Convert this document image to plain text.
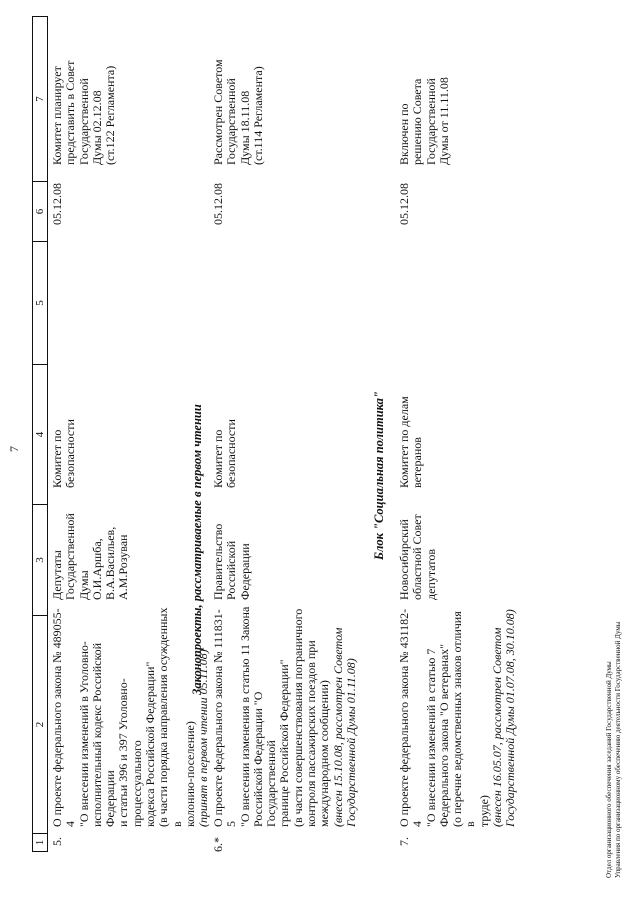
7
1
2
3
4
5
6
7
5.
О проекте федерального закона № 489055-4
"О внесении изменений в Уголовно-
исполнительный кодекс Российской Федерации
и статьи 396 и 397 Уголовно-процессуального
кодекса Российской Федерации"
(в части порядка направления осужденных в
колонию-поселение) (принят в первом чтении 05.11.08)
Депутаты
Государственной
Думы
О.И.Аршба,
В.А.Васильев,
А.М.Розуван
Комитет по
безопасности
05.12.08
Комитет планирует
представить в Совет
Государственной
Думы 02.12.08
(ст.122 Регламента)
Законопроекты, рассматриваемые в первом чтении
6.*
О проекте федерального закона № 111831-5
"О внесении изменения в статью 11 Закона
Российской Федерации "О Государственной
границе Российской Федерации"
(в части совершенствования пограничного
контроля пассажирских поездов при
международном сообщении)
(внесен 15.10.08, рассмотрен Советом
Государственной Думы 01.11.08)
Правительство
Российской
Федерации
Комитет по
безопасности
05.12.08
Рассмотрен Советом
Государственной
Думы 18.11.08
(ст.114 Регламента)
Блок "Социальная политика"
7.
О проекте федерального закона № 431182-4
"О внесении изменений в статью 7
Федерального закона "О ветеранах"
(о перечне ведомственных знаков отличия в
труде) (внесен 16.05.07, рассмотрен Советом
Государственной Думы 01.07.08, 30.10.08)
Новосибирский
областной Совет
депутатов
Комитет по делам
ветеранов
05.12.08
Включен по
решению Совета
Государственной
Думы от 11.11.08
Отдел организационного обеспечения заседаний Государственной Думы Управления по организационному обеспечению деятельности Государственной Думы
